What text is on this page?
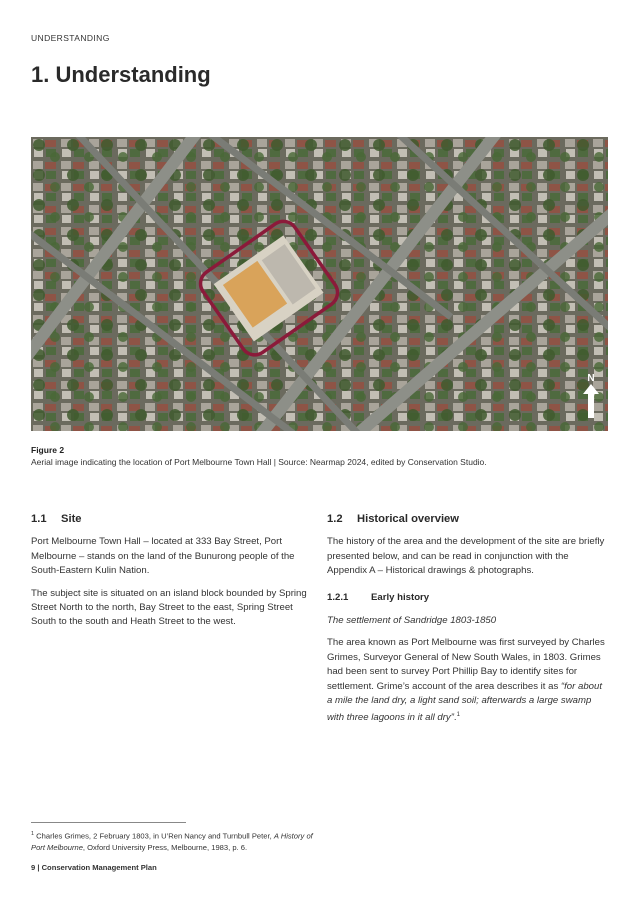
UNDERSTANDING
1. Understanding
N
Figure 2
Aerial image indicating the location of Port Melbourne Town Hall | Source: Nearmap 2024, edited by Conservation Studio.
1.1 Site

Port Melbourne Town Hall – located at 333 Bay Street, Port Melbourne – stands on the land of the Bunurong people of the South-Eastern Kulin Nation.

The subject site is situated on an island block bounded by Spring Street North to the north, Bay Street to the east, Spring Street South to the south and Heath Street to the west.

1.2 Historical overview

The history of the area and the development of the site are briefly presented below, and can be read in conjunction with the Appendix A – Historical drawings & photographs.

1.2.1 Early history

The settlement of Sandridge 1803-1850

The area known as Port Melbourne was first surveyed by Charles Grimes, Surveyor General of New South Wales, in 1803. Grimes had been sent to survey Port Phillip Bay to identify sites for settlement. Grime’s account of the area describes it as “for about a mile the land dry, a light sand soil; afterwards a large swamp with three lagoons in it all dry”.$^1$

$^1$ Charles Grimes, 2 February 1803, in U’Ren Nancy and Turnbull Peter, A History of Port Melbourne, Oxford University Press, Melbourne, 1983, p. 6.
9 | Conservation Management Plan
